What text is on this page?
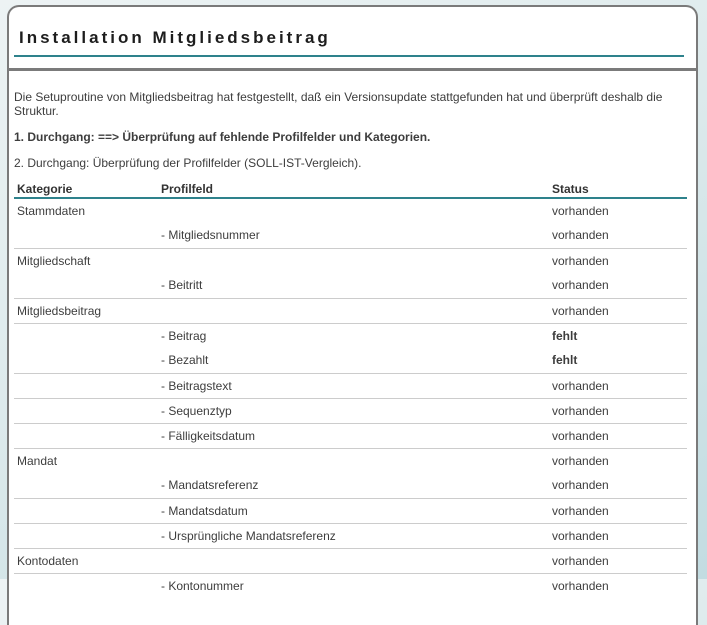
Installation Mitgliedsbeitrag

Die Setuproutine von Mitgliedsbeitrag hat festgestellt, daß ein Versionsupdate stattgefunden hat und überprüft deshalb die Struktur.

1. Durchgang: ==> Überprüfung auf fehlende Profilfelder und Kategorien.

2. Durchgang: Überprüfung der Profilfelder (SOLL-IST-Vergleich).

Kategorie	Profilfeld	Status
Stammdaten		vorhanden
	- Mitgliedsnummer	vorhanden
Mitgliedschaft		vorhanden
	- Beitritt	vorhanden
Mitgliedsbeitrag		vorhanden
	- Beitrag	fehlt
	- Bezahlt	fehlt
	- Beitragstext	vorhanden
	- Sequenztyp	vorhanden
	- Fälligkeitsdatum	vorhanden
Mandat		vorhanden
	- Mandatsreferenz	vorhanden
	- Mandatsdatum	vorhanden
	- Ursprüngliche Mandatsreferenz	vorhanden
Kontodaten		vorhanden
	- Kontonummer	vorhanden
